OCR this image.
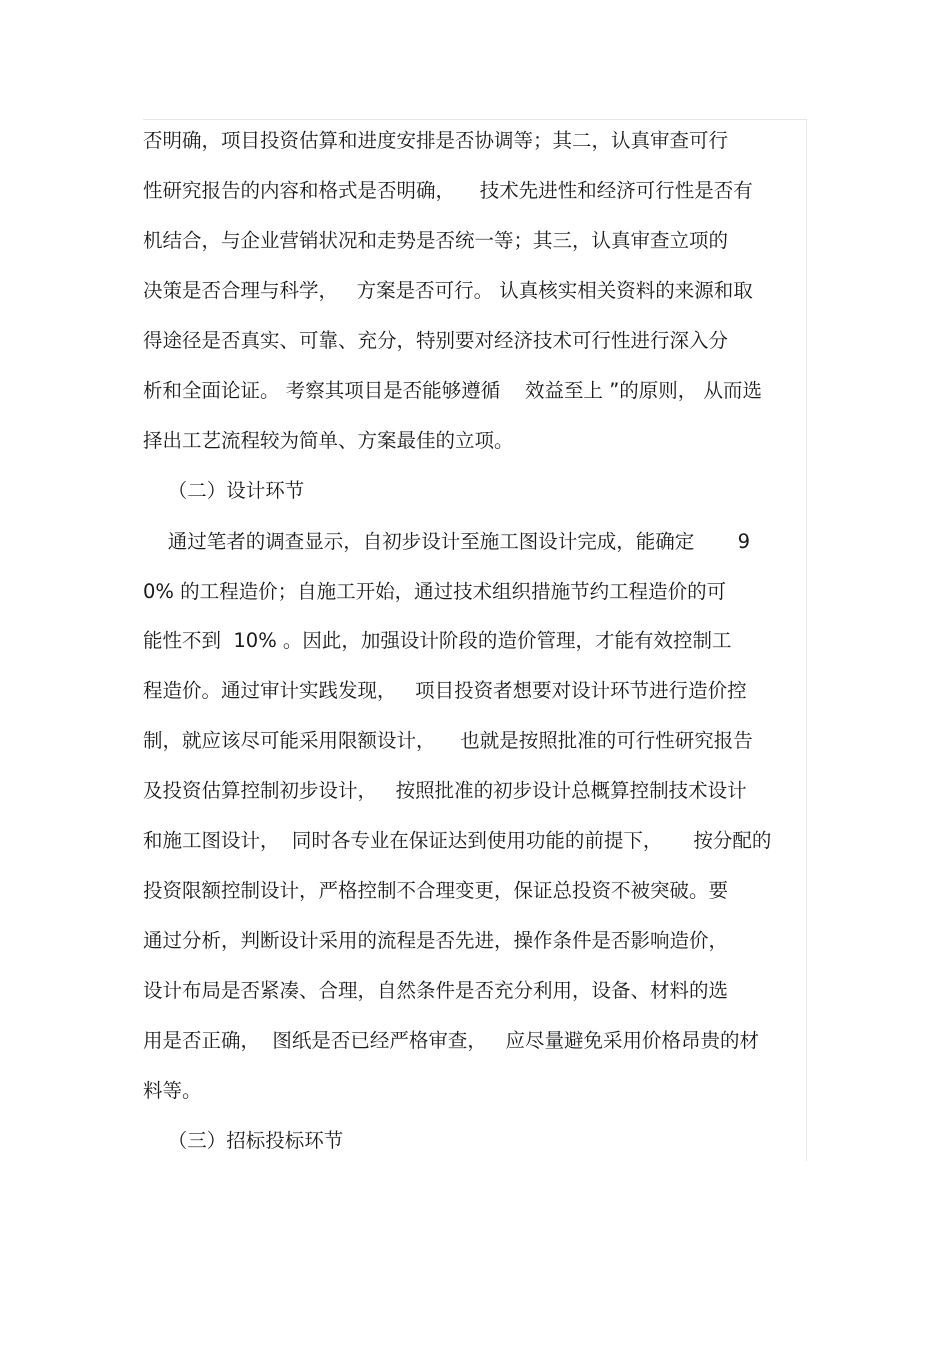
否明确，项目投资估算和进度安排是否协调等；其二，认真审查可行
性研究报告的内容和格式是否明确，    技术先进性和经济可行性是否有
机结合，与企业营销状况和走势是否统一等；其三，认真审查立项的
决策是否合理与科学，   方案是否可行。 认真核实相关资料的来源和取
得途径是否真实、可靠、充分，特别要对经济技术可行性进行深入分
析和全面论证。 考察其项目是否能够遵循    效益至上 ”的原则， 从而选
择出工艺流程较为简单、方案最佳的立项。
（二）设计环节
通过笔者的调查显示，自初步设计至施工图设计完成，能确定       9
0% 的工程造价；自施工开始，通过技术组织措施节约工程造价的可
能性不到  10% 。因此，加强设计阶段的造价管理，才能有效控制工
程造价。通过审计实践发现，   项目投资者想要对设计环节进行造价控
制，就应该尽可能采用限额设计，    也就是按照批准的可行性研究报告
及投资估算控制初步设计，   按照批准的初步设计总概算控制技术设计
和施工图设计，  同时各专业在保证达到使用功能的前提下，     按分配的
投资限额控制设计，严格控制不合理变更，保证总投资不被突破。要
通过分析，判断设计采用的流程是否先进，操作条件是否影响造价，
设计布局是否紧凑、合理，自然条件是否充分利用，设备、材料的选
用是否正确，  图纸是否已经严格审查，   应尽量避免采用价格昂贵的材
料等。
（三）招标投标环节
